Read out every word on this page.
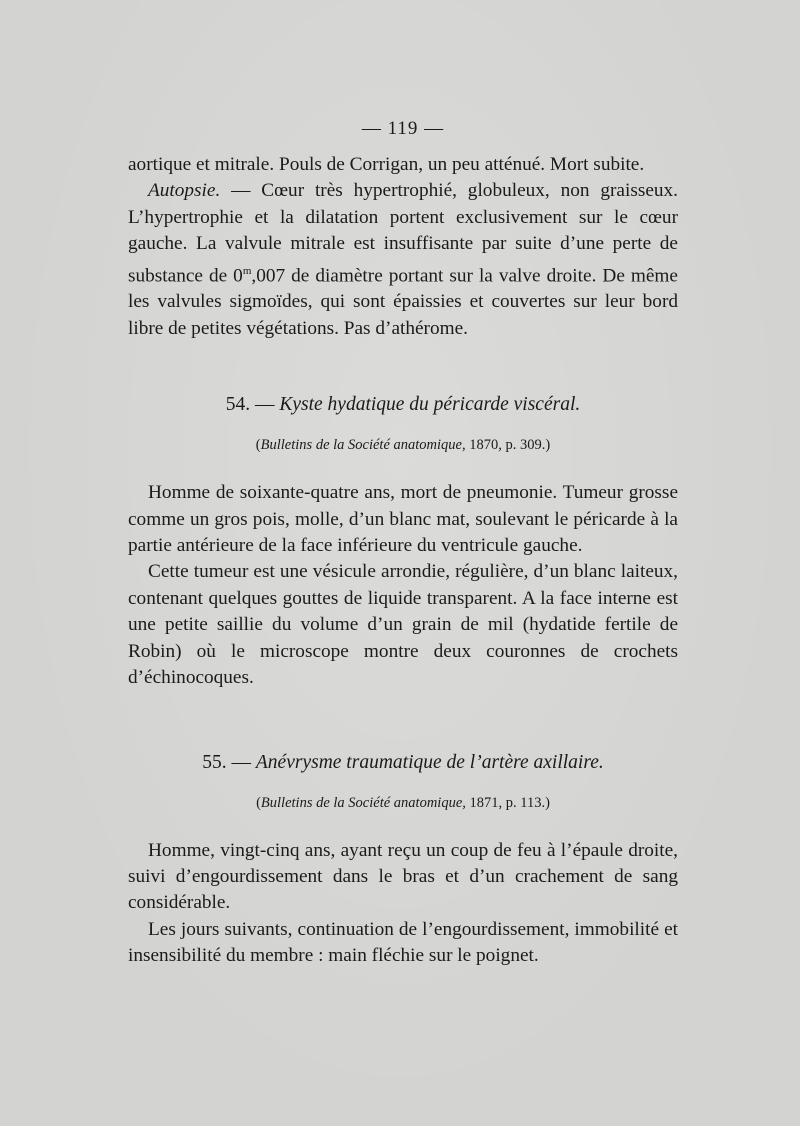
— 119 —

aortique et mitrale. Pouls de Corrigan, un peu atténué. Mort subite.

Autopsie. — Cœur très hypertrophié, globuleux, non graisseux. L’hypertrophie et la dilatation portent exclusivement sur le cœur gauche. La valvule mitrale est insuffisante par suite d’une perte de substance de 0$^m$,007 de diamètre portant sur la valve droite. De même les valvules sigmoïdes, qui sont épaissies et couvertes sur leur bord libre de petites végétations. Pas d’athérome.

54. — Kyste hydatique du péricarde viscéral.
(Bulletins de la Société anatomique, 1870, p. 309.)

Homme de soixante-quatre ans, mort de pneumonie. Tumeur grosse comme un gros pois, molle, d’un blanc mat, soulevant le péricarde à la partie antérieure de la face inférieure du ventricule gauche.

Cette tumeur est une vésicule arrondie, régulière, d’un blanc laiteux, contenant quelques gouttes de liquide transparent. A la face interne est une petite saillie du volume d’un grain de mil (hydatide fertile de Robin) où le microscope montre deux couronnes de crochets d’échinocoques.

55. — Anévrysme traumatique de l’artère axillaire.
(Bulletins de la Société anatomique, 1871, p. 113.)

Homme, vingt-cinq ans, ayant reçu un coup de feu à l’épaule droite, suivi d’engourdissement dans le bras et d’un crachement de sang considérable.

Les jours suivants, continuation de l’engourdissement, immobilité et insensibilité du membre : main fléchie sur le poignet.
